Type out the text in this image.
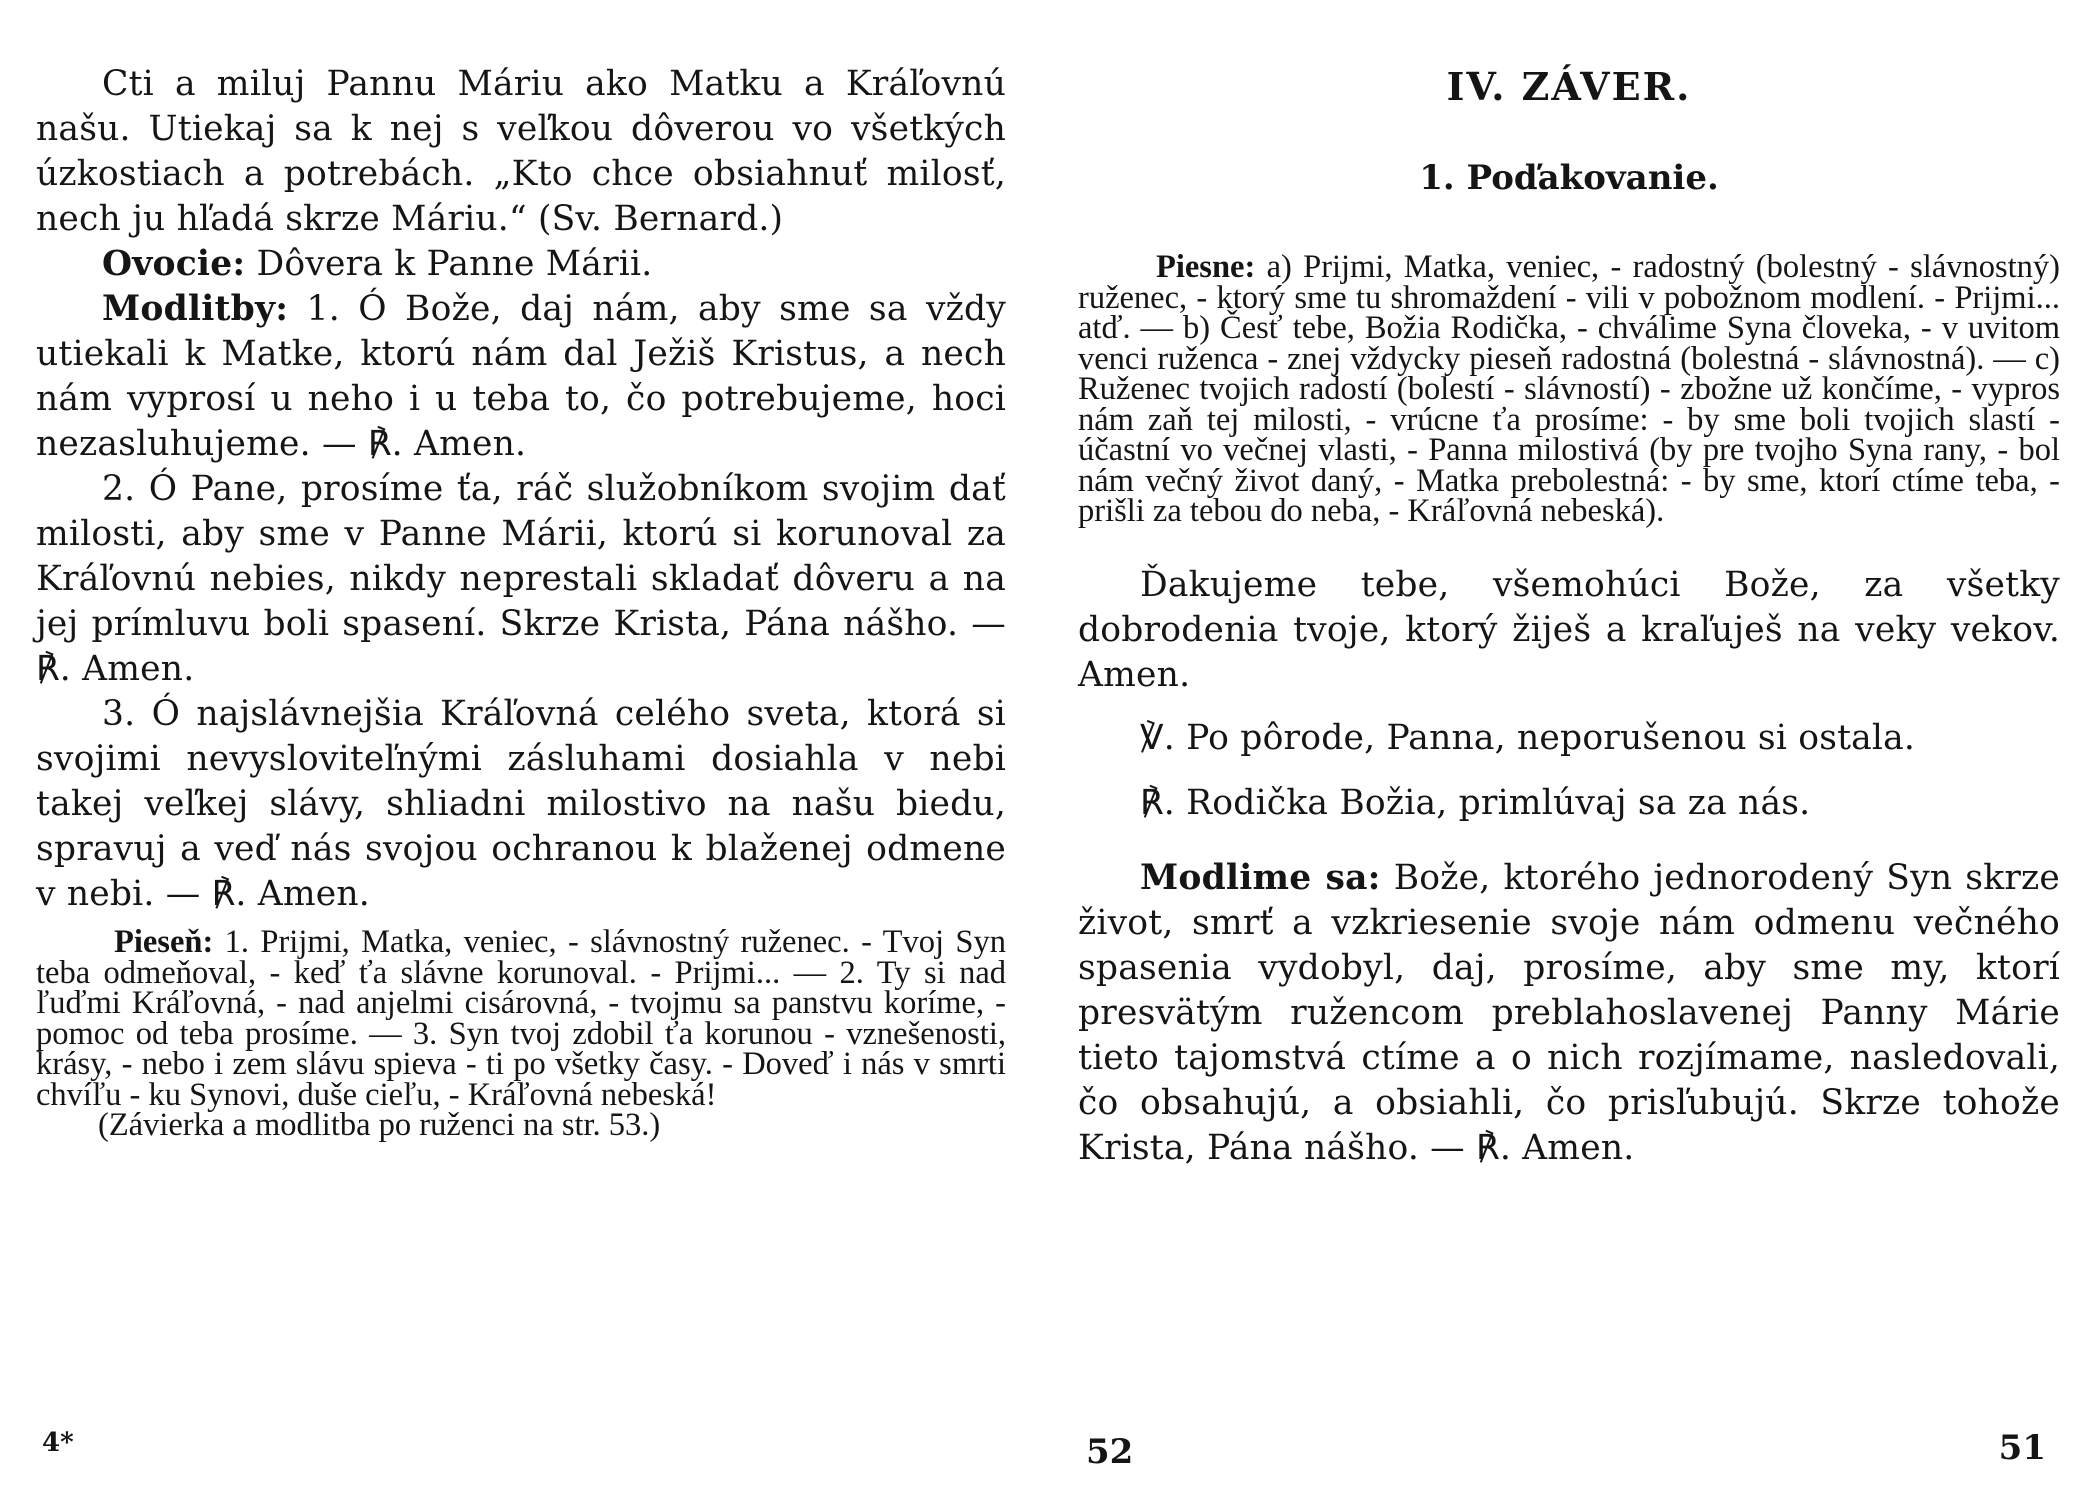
Cti a miluj Pannu Máriu ako Matku a Kráľovnú našu. Utiekaj sa k nej s veľkou dôverou vo všetkých úzkostiach a potrebách. „Kto chce obsiahnuť milosť, nech ju hľadá skrze Máriu.“ (Sv. Bernard.)

Ovocie: Dôvera k Panne Márii.

Modlitby: 1. Ó Bože, daj nám, aby sme sa vždy utiekali k Matke, ktorú nám dal Ježiš Kristus, a nech nám vyprosí u neho i u teba to, čo potrebujeme, hoci nezasluhujeme. — ℟. Amen.

2. Ó Pane, prosíme ťa, ráč služobníkom svojim dať milosti, aby sme v Panne Márii, ktorú si korunoval za Kráľovnú nebies, nikdy neprestali skladať dôveru a na jej prímluvu boli spasení. Skrze Krista, Pána nášho. — ℟. Amen.

3. Ó najslávnejšia Kráľovná celého sveta, ktorá si svojimi nevysloviteľnými zásluhami dosiahla v nebi takej veľkej slávy, shliadni milostivo na našu biedu, spravuj a veď nás svojou ochranou k blaženej odmene v nebi. — ℟. Amen.

Pieseň: 1. Prijmi, Matka, veniec, - slávnostný ruženec. - Tvoj Syn teba odmeňoval, - keď ťa slávne korunoval. - Prijmi... — 2. Ty si nad ľuďmi Kráľovná, - nad anjelmi cisárovná, - tvojmu sa panstvu koríme, - pomoc od teba prosíme. — 3. Syn tvoj zdobil ťa korunou - vznešenosti, krásy, - nebo i zem slávu spieva - ti po všetky časy. - Doveď i nás v smrti chvíľu - ku Synovi, duše cieľu, - Kráľovná nebeská!

(Závierka a modlitba po ruženci na str. 53.)

4*	51
IV. ZÁVER.
1. Poďakovanie.

Piesne: a) Prijmi, Matka, veniec, - radostný (bolestný - slávnostný) ruženec, - ktorý sme tu shromaždení - vili v pobožnom modlení. - Prijmi... atď. — b) Česť tebe, Božia Rodička, - chválime Syna človeka, - v uvitom venci ruženca - znej vždycky pieseň radostná (bolestná - slávnostná). — c) Ruženec tvojich radostí (bolestí - slávností) - zbožne už končíme, - vypros nám zaň tej milosti, - vrúcne ťa prosíme: - by sme boli tvojich slastí - účastní vo večnej vlasti, - Panna milostivá (by pre tvojho Syna rany, - bol nám večný život daný, - Matka prebolestná: - by sme, ktorí ctíme teba, - prišli za tebou do neba, - Kráľovná nebeská).

Ďakujeme tebe, všemohúci Bože, za všetky dobrodenia tvoje, ktorý žiješ a kraľuješ na veky vekov. Amen.

℣. Po pôrode, Panna, neporušenou si ostala.

℟. Rodička Božia, primlúvaj sa za nás.

Modlime sa: Bože, ktorého jednorodený Syn skrze život, smrť a vzkriesenie svoje nám odmenu večného spasenia vydobyl, daj, prosíme, aby sme my, ktorí presvätým ružencom preblahoslavenej Panny Márie tieto tajomstvá ctíme a o nich rozjímame, nasledovali, čo obsahujú, a obsiahli, čo prisľubujú. Skrze tohože Krista, Pána nášho. — ℟. Amen.

52
